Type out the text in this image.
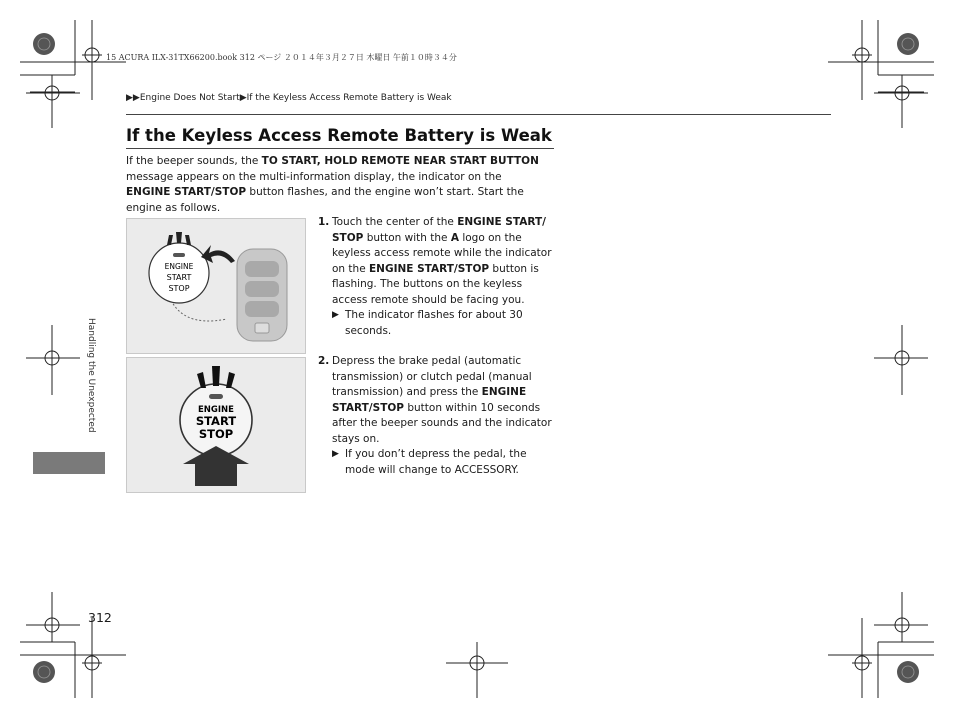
15 ACURA ILX-31TX66200.book 312 ページ ２０１４年３月２７日 木曜日 午前１０時３４分
▶▶Engine Does Not Start▶If the Keyless Access Remote Battery is Weak
If the Keyless Access Remote Battery is Weak
If the beeper sounds, the TO START, HOLD REMOTE NEAR START BUTTON message appears on the multi-information display, the indicator on the ENGINE START/STOP button flashes, and the engine won’t start. Start the engine as follows.
ENGINE
START
STOP
ENGINE
START
STOP
1. Touch the center of the ENGINE START/ STOP button with the A logo on the keyless access remote while the indicator on the ENGINE START/STOP button is flashing. The buttons on the keyless access remote should be facing you.
▶ The indicator flashes for about 30 seconds.
2. Depress the brake pedal (automatic transmission) or clutch pedal (manual transmission) and press the ENGINE START/STOP button within 10 seconds after the beeper sounds and the indicator stays on.
▶ If you don’t depress the pedal, the mode will change to ACCESSORY.
Handling the Unexpected
312
